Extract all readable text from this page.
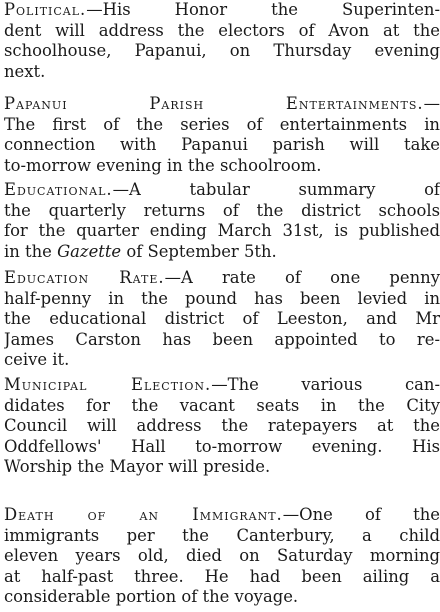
Political.—His Honor the Superinten-
dent will address the electors of Avon at the
schoolhouse, Papanui, on Thursday evening
next.

Papanui Parish Entertainments.—
The first of the series of entertainments in
connection with Papanui parish will take
to-morrow evening in the schoolroom.

Educational.—A tabular summary of
the quarterly returns of the district schools
for the quarter ending March 31st, is published
in the Gazette of September 5th.

Education Rate.—A rate of one penny
half-penny in the pound has been levied in
the educational district of Leeston, and Mr
James Carston has been appointed to re-
ceive it.

Municipal Election.—The various can-
didates for the vacant seats in the City
Council will address the ratepayers at the
Oddfellows' Hall to-morrow evening. His
Worship the Mayor will preside.

Death of an Immigrant.—One of the
immigrants per the Canterbury, a child
eleven years old, died on Saturday morning
at half-past three. He had been ailing a
considerable portion of the voyage.
